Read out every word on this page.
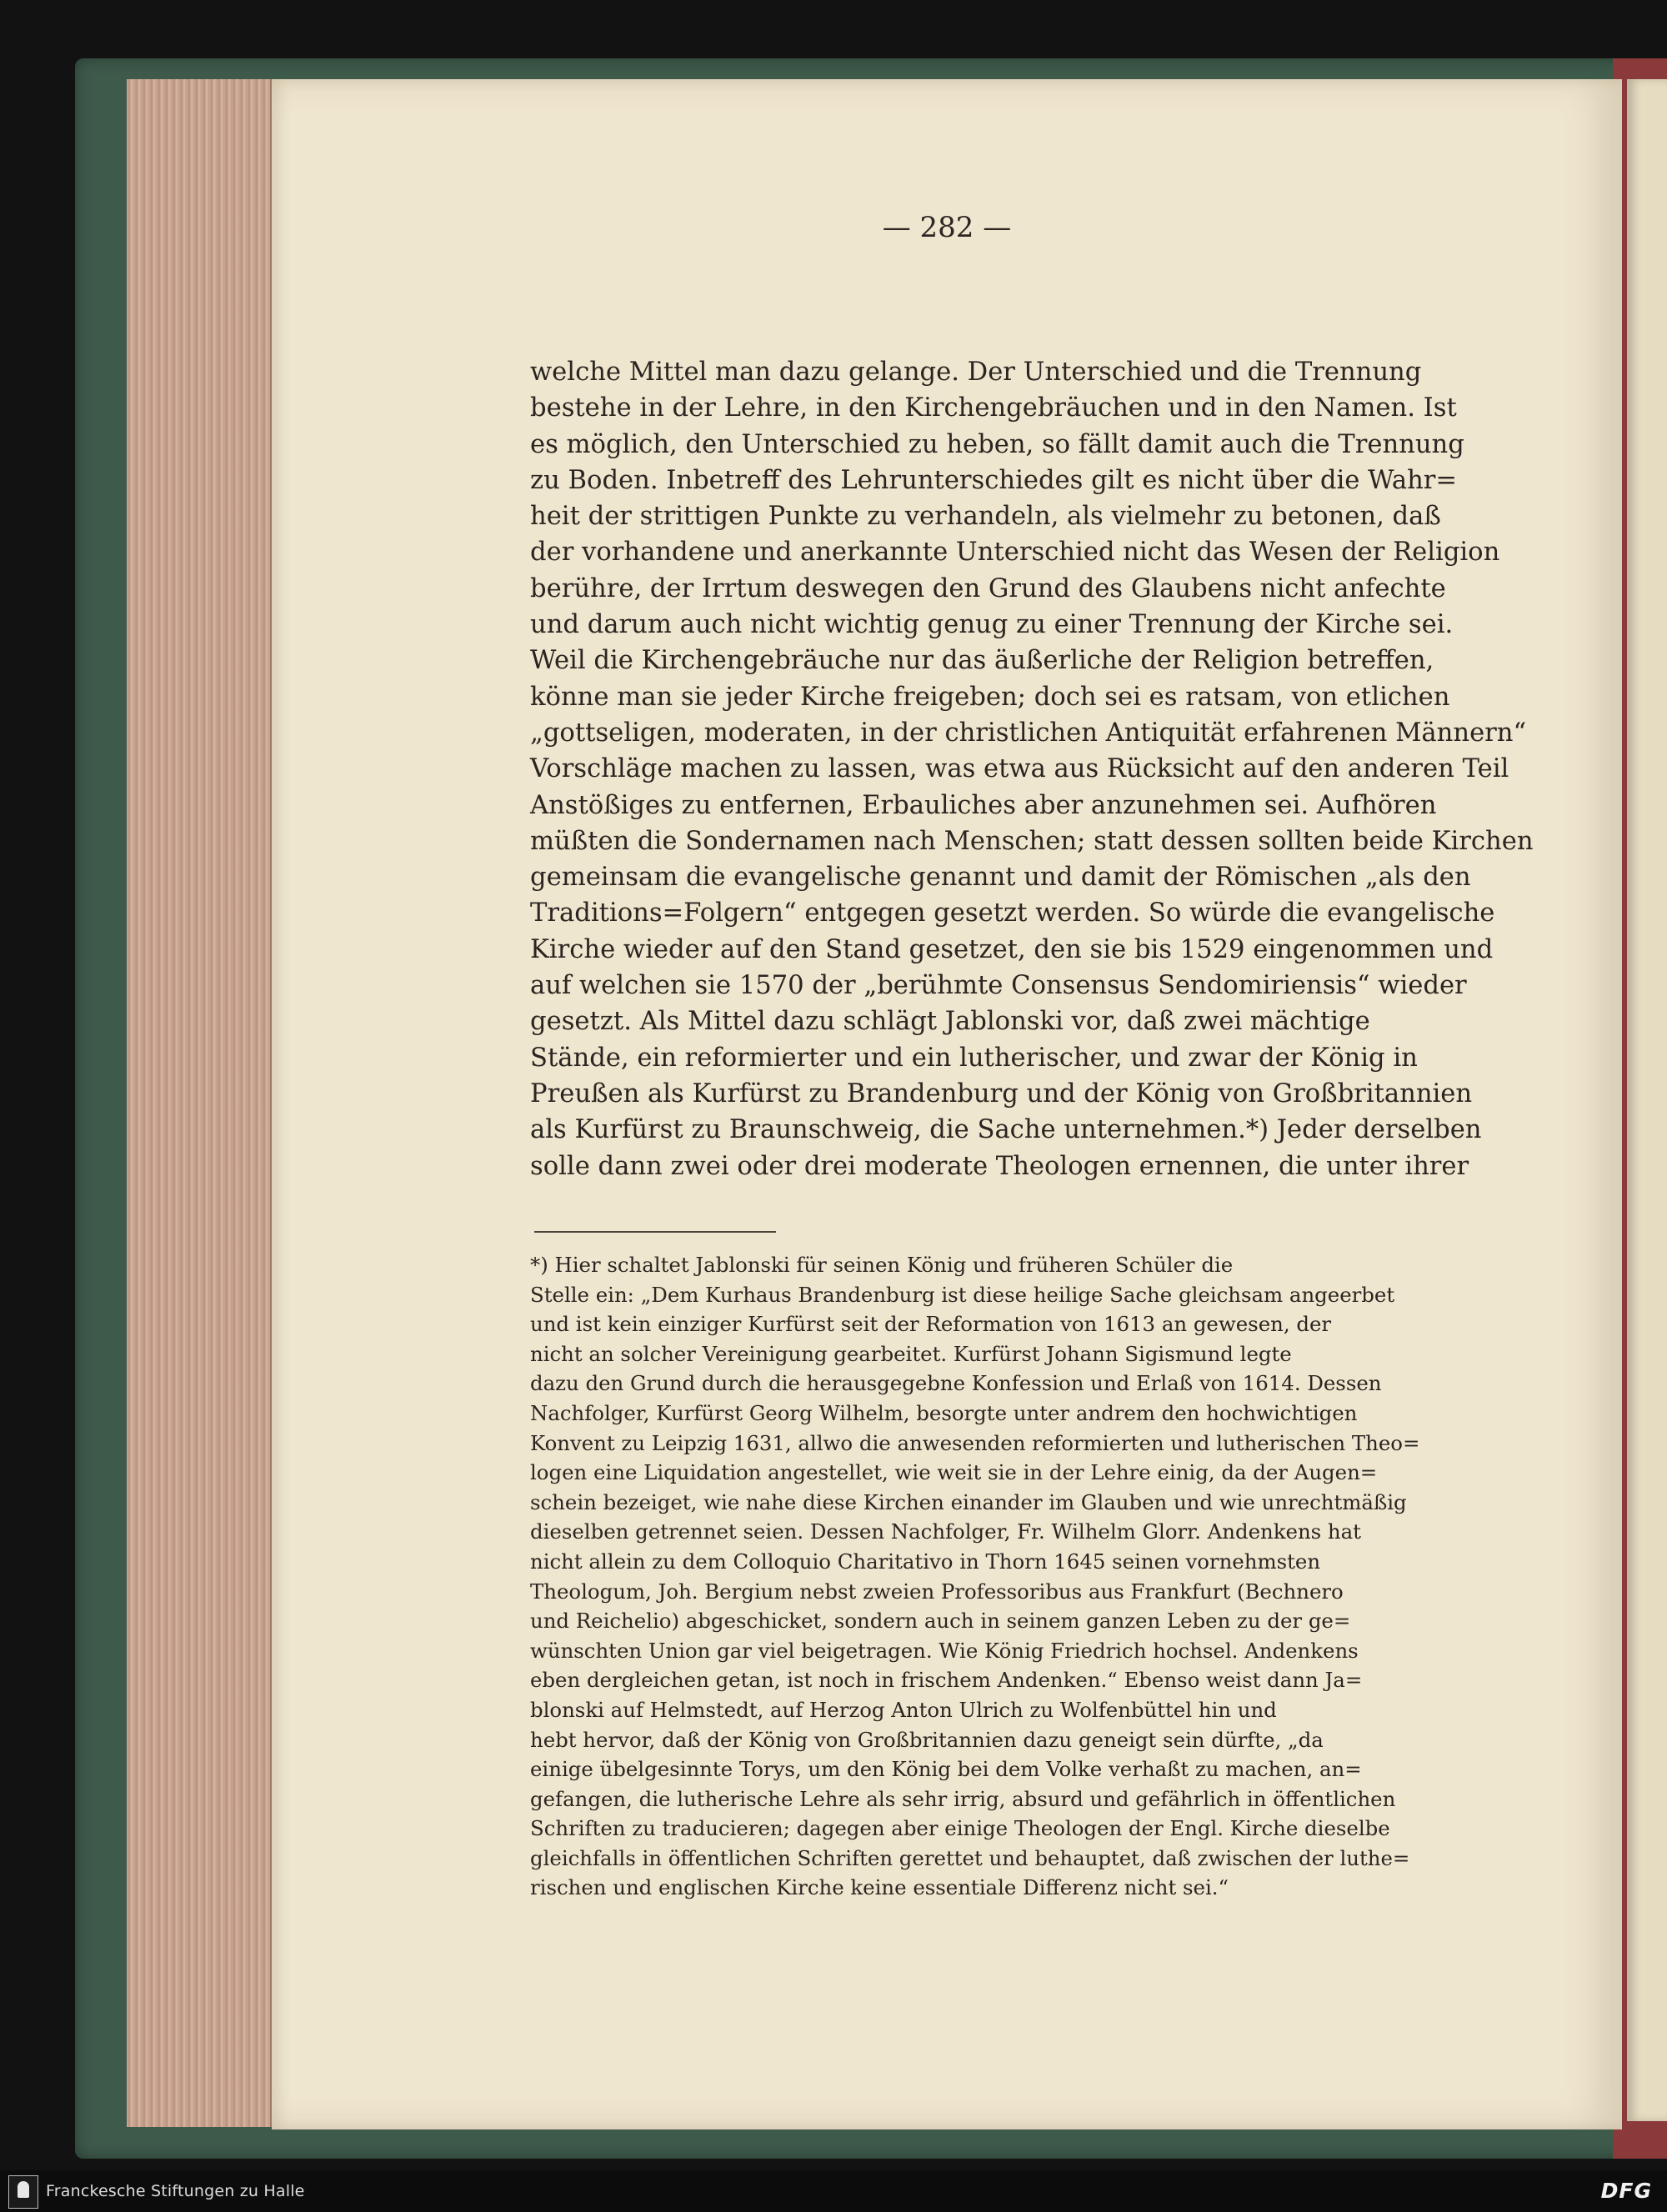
— 282 —
welche Mittel man dazu gelange. Der Unterschied und die Trennung
bestehe in der Lehre, in den Kirchengebräuchen und in den Namen. Ist
es möglich, den Unterschied zu heben, so fällt damit auch die Trennung
zu Boden. Inbetreff des Lehrunterschiedes gilt es nicht über die Wahr=
heit der strittigen Punkte zu verhandeln, als vielmehr zu betonen, daß
der vorhandene und anerkannte Unterschied nicht das Wesen der Religion
berühre, der Irrtum deswegen den Grund des Glaubens nicht anfechte
und darum auch nicht wichtig genug zu einer Trennung der Kirche sei.
Weil die Kirchengebräuche nur das äußerliche der Religion betreffen,
könne man sie jeder Kirche freigeben; doch sei es ratsam, von etlichen
„gottseligen, moderaten, in der christlichen Antiquität erfahrenen Männern“
Vorschläge machen zu lassen, was etwa aus Rücksicht auf den anderen Teil
Anstößiges zu entfernen, Erbauliches aber anzunehmen sei. Aufhören
müßten die Sondernamen nach Menschen; statt dessen sollten beide Kirchen
gemeinsam die evangelische genannt und damit der Römischen „als den
Traditions=Folgern“ entgegen gesetzt werden. So würde die evangelische
Kirche wieder auf den Stand gesetzet, den sie bis 1529 eingenommen und
auf welchen sie 1570 der „berühmte Consensus Sendomiriensis“ wieder
gesetzt. Als Mittel dazu schlägt Jablonski vor, daß zwei mächtige
Stände, ein reformierter und ein lutherischer, und zwar der König in
Preußen als Kurfürst zu Brandenburg und der König von Großbritannien
als Kurfürst zu Braunschweig, die Sache unternehmen.*) Jeder derselben
solle dann zwei oder drei moderate Theologen ernennen, die unter ihrer
*) Hier schaltet Jablonski für seinen König und früheren Schüler die
Stelle ein: „Dem Kurhaus Brandenburg ist diese heilige Sache gleichsam angeerbet
und ist kein einziger Kurfürst seit der Reformation von 1613 an gewesen, der
nicht an solcher Vereinigung gearbeitet. Kurfürst Johann Sigismund legte
dazu den Grund durch die herausgegebne Konfession und Erlaß von 1614. Dessen
Nachfolger, Kurfürst Georg Wilhelm, besorgte unter andrem den hochwichtigen
Konvent zu Leipzig 1631, allwo die anwesenden reformierten und lutherischen Theo=
logen eine Liquidation angestellet, wie weit sie in der Lehre einig, da der Augen=
schein bezeiget, wie nahe diese Kirchen einander im Glauben und wie unrechtmäßig
dieselben getrennet seien. Dessen Nachfolger, Fr. Wilhelm Glorr. Andenkens hat
nicht allein zu dem Colloquio Charitativo in Thorn 1645 seinen vornehmsten
Theologum, Joh. Bergium nebst zweien Professoribus aus Frankfurt (Bechnero
und Reichelio) abgeschicket, sondern auch in seinem ganzen Leben zu der ge=
wünschten Union gar viel beigetragen. Wie König Friedrich hochsel. Andenkens
eben dergleichen getan, ist noch in frischem Andenken.“ Ebenso weist dann Ja=
blonski auf Helmstedt, auf Herzog Anton Ulrich zu Wolfenbüttel hin und
hebt hervor, daß der König von Großbritannien dazu geneigt sein dürfte, „da
einige übelgesinnte Torys, um den König bei dem Volke verhaßt zu machen, an=
gefangen, die lutherische Lehre als sehr irrig, absurd und gefährlich in öffentlichen
Schriften zu traducieren; dagegen aber einige Theologen der Engl. Kirche dieselbe
gleichfalls in öffentlichen Schriften gerettet und behauptet, daß zwischen der luthe=
rischen und englischen Kirche keine essentiale Differenz nicht sei.“
Franckesche Stiftungen zu Halle	DFG
